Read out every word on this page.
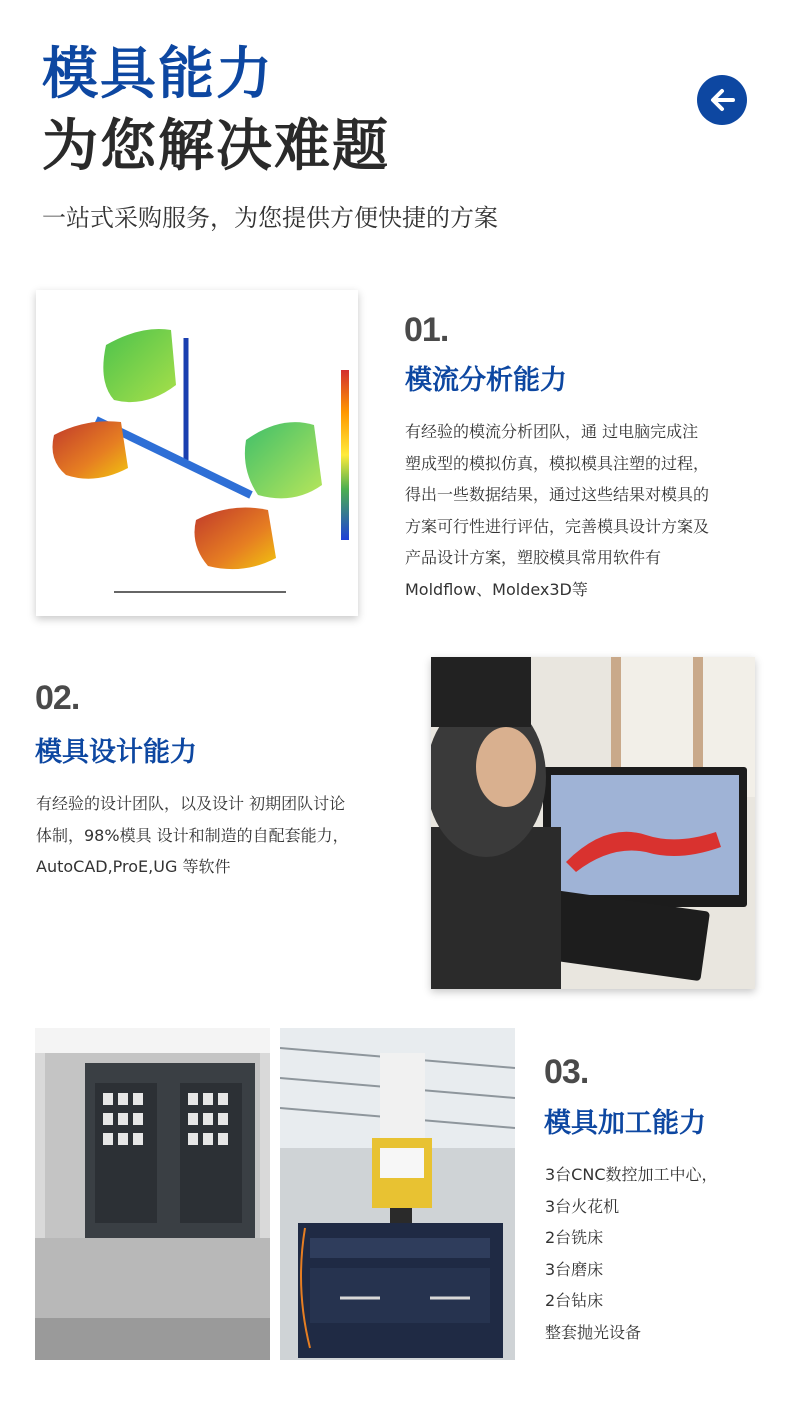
模具能力
为您解决难题
一站式采购服务，为您提供方便快捷的方案
01.
模流分析能力
有经验的模流分析团队，通 过电脑完成注
塑成型的模拟仿真，模拟模具注塑的过程，
得出一些数据结果，通过这些结果对模具的
方案可行性进行评估，完善模具设计方案及
产品设计方案，塑胶模具常用软件有
Moldflow、Moldex3D等
02.
模具设计能力
有经验的设计团队，以及设计 初期团队讨论
体制，98%模具 设计和制造的自配套能力，
AutoCAD,ProE,UG 等软件
03.
模具加工能力
3台CNC数控加工中心，
3台火花机
2台铣床
3台磨床
2台钻床
整套抛光设备
